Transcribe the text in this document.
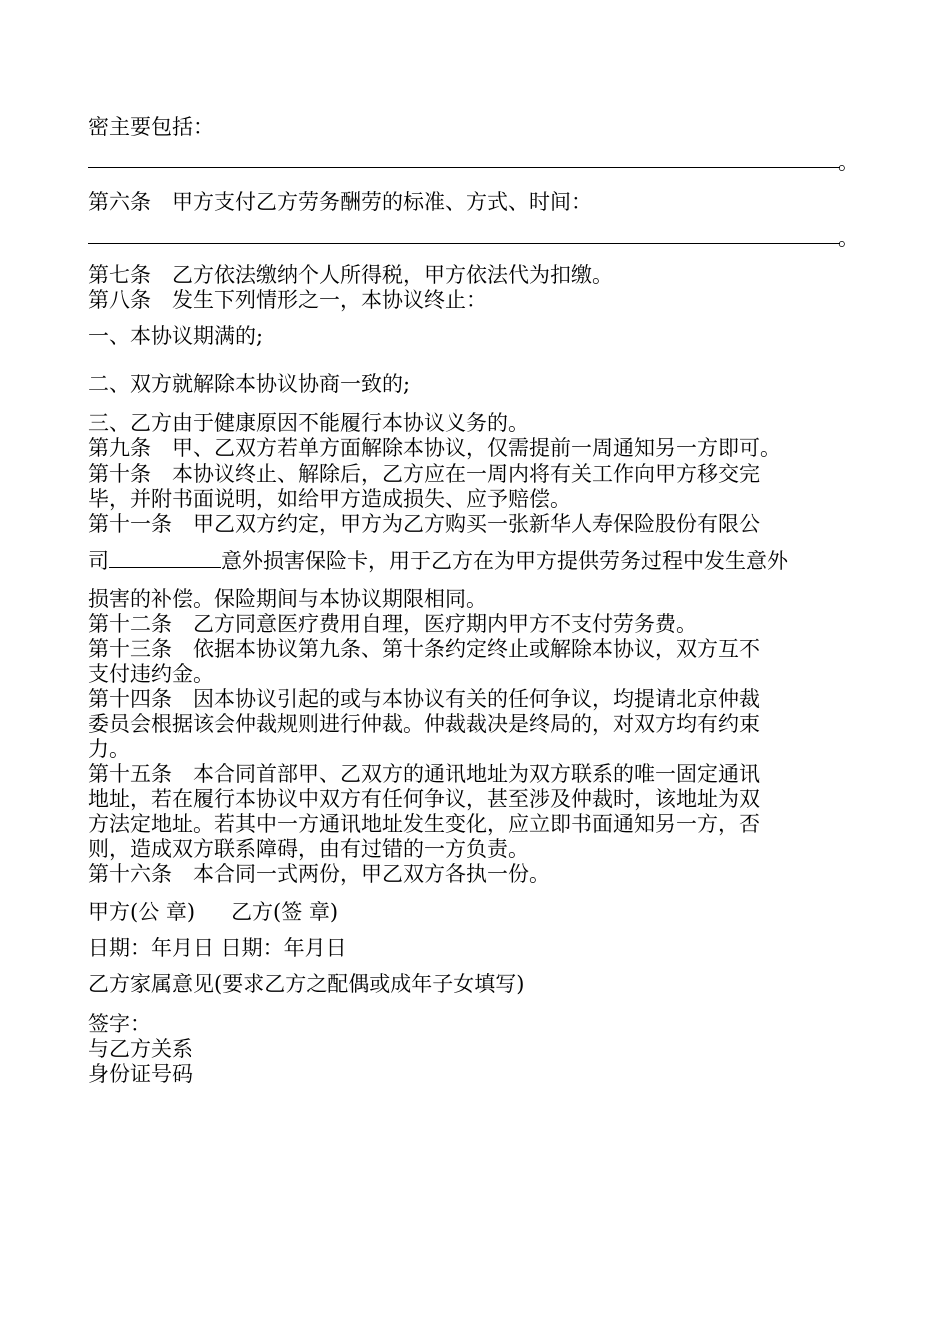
密主要包括：
。
第六条　甲方支付乙方劳务酬劳的标准、方式、时间：
。
第七条　乙方依法缴纳个人所得税，甲方依法代为扣缴。
第八条　发生下列情形之一，本协议终止：
一、本协议期满的;
二、双方就解除本协议协商一致的;
三、乙方由于健康原因不能履行本协议义务的。
第九条　甲、乙双方若单方面解除本协议，仅需提前一周通知另一方即可。
第十条　本协议终止、解除后，乙方应在一周内将有关工作向甲方移交完
毕，并附书面说明，如给甲方造成损失、应予赔偿。
第十一条　甲乙双方约定，甲方为乙方购买一张新华人寿保险股份有限公
司	意外损害保险卡，用于乙方在为甲方提供劳务过程中发生意外
损害的补偿。保险期间与本协议期限相同。
第十二条　乙方同意医疗费用自理，医疗期内甲方不支付劳务费。
第十三条　依据本协议第九条、第十条约定终止或解除本协议，双方互不
支付违约金。
第十四条　因本协议引起的或与本协议有关的任何争议，均提请北京仲裁
委员会根据该会仲裁规则进行仲裁。仲裁裁决是终局的，对双方均有约束
力。
第十五条　本合同首部甲、乙双方的通讯地址为双方联系的唯一固定通讯
地址，若在履行本协议中双方有任何争议，甚至涉及仲裁时，该地址为双
方法定地址。若其中一方通讯地址发生变化，应立即书面通知另一方，否
则，造成双方联系障碍，由有过错的一方负责。
第十六条　本合同一式两份，甲乙双方各执一份。
甲方(公 章) 乙方(签 章)
日期：年月日 日期：年月日
乙方家属意见(要求乙方之配偶或成年子女填写)
签字：
与乙方关系
身份证号码
